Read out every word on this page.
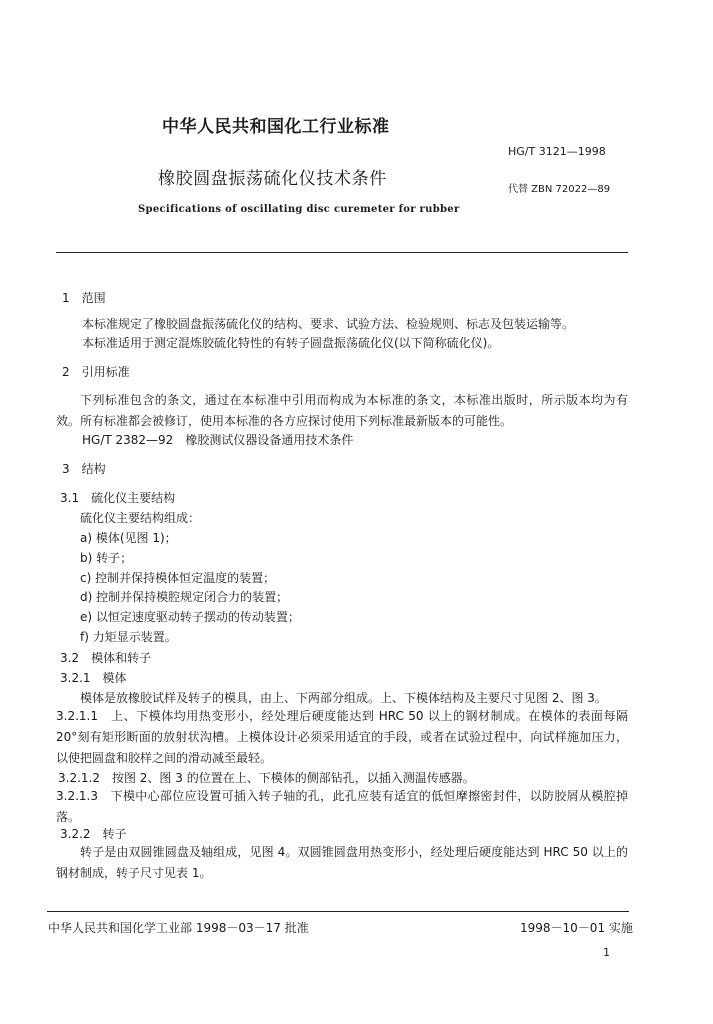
中华人民共和国化工行业标准
HG/T 3121—1998
橡胶圆盘振荡硫化仪技术条件
代替 ZBN 72022—89
Specifications of oscillating disc curemeter for rubber
1　范围
本标准规定了橡胶圆盘振荡硫化仪的结构、要求、试验方法、检验规则、标志及包装运输等。
本标准适用于测定混炼胶硫化特性的有转子圆盘振荡硫化仪(以下简称硫化仪)。
2　引用标准
下列标准包含的条文，通过在本标准中引用而构成为本标准的条文，本标准出版时，所示版本均为有效。所有标准都会被修订，使用本标准的各方应探讨使用下列标准最新版本的可能性。
HG/T 2382—92　橡胶测试仪器设备通用技术条件
3　结构
3.1　硫化仪主要结构
硫化仪主要结构组成：
a) 模体(见图 1)；
b) 转子；
c) 控制并保持模体恒定温度的装置；
d) 控制并保持模腔规定闭合力的装置；
e) 以恒定速度驱动转子摆动的传动装置；
f) 力矩显示装置。
3.2　模体和转子
3.2.1　模体
模体是放橡胶试样及转子的模具，由上、下两部分组成。上、下模体结构及主要尺寸见图 2、图 3。
3.2.1.1　上、下模体均用热变形小，经处理后硬度能达到 HRC 50 以上的钢材制成。在模体的表面每隔 20°刻有矩形断面的放射状沟槽。上模体设计必须采用适宜的手段，或者在试验过程中，向试样施加压力，以使把圆盘和胶样之间的滑动减至最轻。
3.2.1.2　按图 2、图 3 的位置在上、下模体的侧部钻孔，以插入测温传感器。
3.2.1.3　下模中心部位应设置可插入转子轴的孔，此孔应装有适宜的低恒摩擦密封件，以防胶屑从模腔掉落。
3.2.2　转子
转子是由双圆锥圆盘及轴组成，见图 4。双圆锥圆盘用热变形小，经处理后硬度能达到 HRC 50 以上的钢材制成，转子尺寸见表 1。
中华人民共和国化学工业部 1998－03－17 批准	1998－10－01 实施
1
